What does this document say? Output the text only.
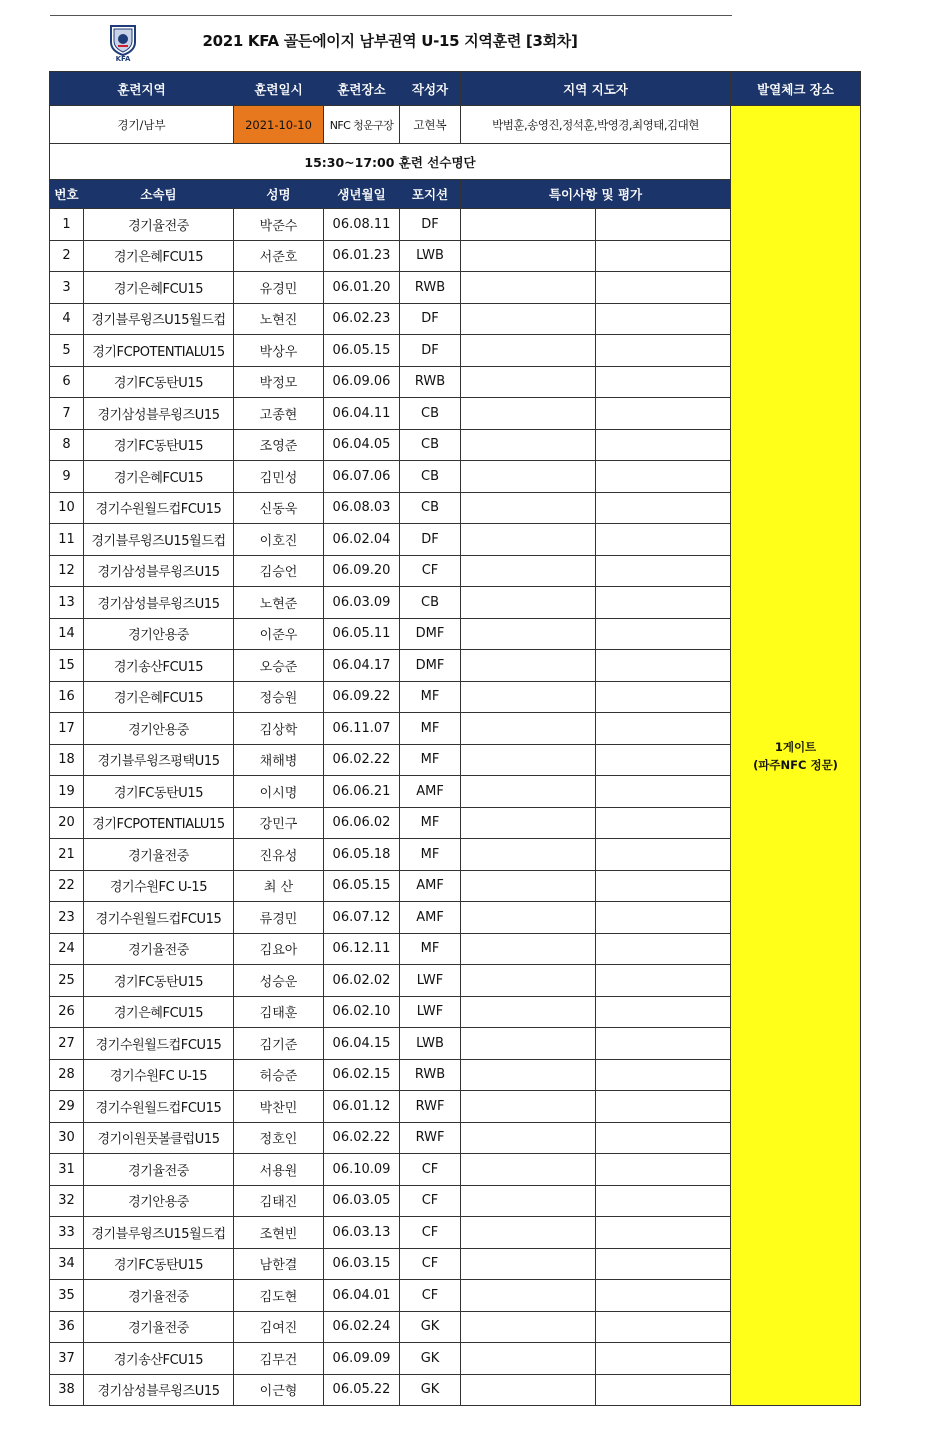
KFA
2021 KFA 골든에이지 남부권역 U-15 지역훈련 [3회차]
훈련지역		훈련일시	훈련장소	작성자	지역 지도자		발열체크 장소
경기/남부		2021-10-10	NFC 청운구장	고현복	박범훈,송영진,정석훈,박영경,최영태,김대현		1게이트
(파주NFC 정문)

15:30~17:00 훈련 선수명단							
번호	소속팀	성명	생년월일	포지션	특이사항 및 평가		
1	경기율전중	박준수	06.08.11	DF			
2	경기은혜FCU15	서준호	06.01.23	LWB			
3	경기은혜FCU15	유경민	06.01.20	RWB			
4	경기블루윙즈U15월드컵	노현진	06.02.23	DF			
5	경기FCPOTENTIALU15	박상우	06.05.15	DF			
6	경기FC동탄U15	박정모	06.09.06	RWB			
7	경기삼성블루윙즈U15	고종현	06.04.11	CB			
8	경기FC동탄U15	조영준	06.04.05	CB			
9	경기은혜FCU15	김민성	06.07.06	CB			
10	경기수원월드컵FCU15	신동욱	06.08.03	CB			
11	경기블루윙즈U15월드컵	이호진	06.02.04	DF			
12	경기삼성블루윙즈U15	김승언	06.09.20	CF			
13	경기삼성블루윙즈U15	노현준	06.03.09	CB			
14	경기안용중	이준우	06.05.11	DMF			
15	경기송산FCU15	오승준	06.04.17	DMF			
16	경기은혜FCU15	정승원	06.09.22	MF			
17	경기안용중	김상학	06.11.07	MF			
18	경기블루윙즈평택U15	채해병	06.02.22	MF			
19	경기FC동탄U15	이시명	06.06.21	AMF			
20	경기FCPOTENTIALU15	강민구	06.06.02	MF			
21	경기율전중	진유성	06.05.18	MF			
22	경기수원FC U-15	최 산	06.05.15	AMF			
23	경기수원월드컵FCU15	류경민	06.07.12	AMF			
24	경기율전중	김요아	06.12.11	MF			
25	경기FC동탄U15	성승운	06.02.02	LWF			
26	경기은혜FCU15	김태훈	06.02.10	LWF			
27	경기수원월드컵FCU15	김기준	06.04.15	LWB			
28	경기수원FC U-15	허승준	06.02.15	RWB			
29	경기수원월드컵FCU15	박찬민	06.01.12	RWF			
30	경기이원풋볼클럽U15	정호인	06.02.22	RWF			
31	경기율전중	서용원	06.10.09	CF			
32	경기안용중	김태진	06.03.05	CF			
33	경기블루윙즈U15월드컵	조현빈	06.03.13	CF			
34	경기FC동탄U15	남한결	06.03.15	CF			
35	경기율전중	김도현	06.04.01	CF			
36	경기율전중	김여진	06.02.24	GK			
37	경기송산FCU15	김무건	06.09.09	GK			
38	경기삼성블루윙즈U15	이근형	06.05.22	GK			
